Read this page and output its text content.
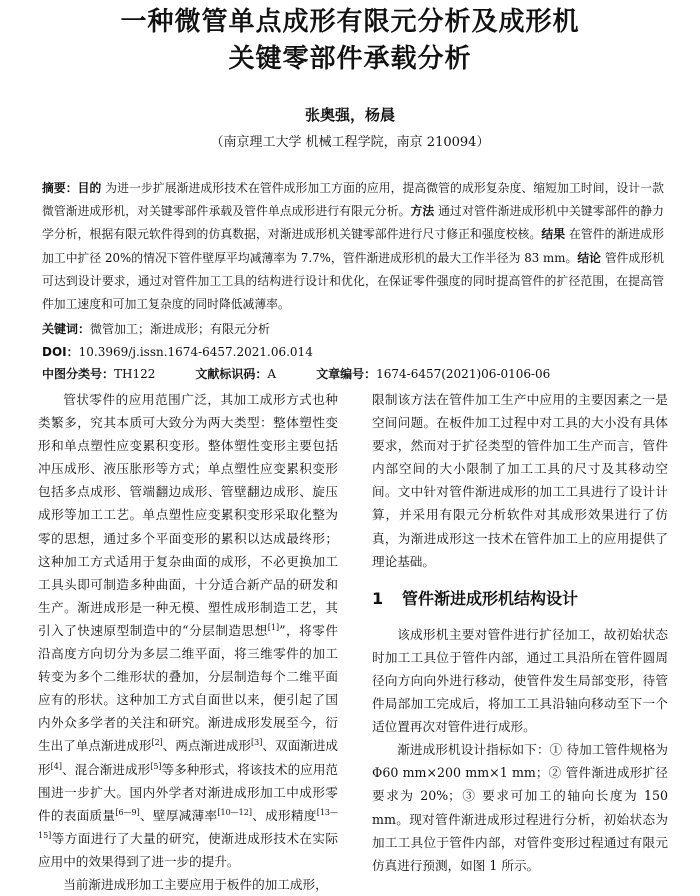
一种微管单点成形有限元分析及成形机
关键零部件承载分析
张奥强，杨晨
（南京理工大学 机械工程学院，南京 210094）
摘要：目的 为进一步扩展渐进成形技术在管件成形加工方面的应用，提高微管的成形复杂度、缩短加工时间，设计一款微管渐进成形机，对关键零部件承载及管件单点成形进行有限元分析。方法 通过对管件渐进成形机中关键零部件的静力学分析，根据有限元软件得到的仿真数据，对渐进成形机关键零部件进行尺寸修正和强度校核。结果 在管件的渐进成形加工中扩径 20%的情况下管件壁厚平均减薄率为 7.7%，管件渐进成形机的最大工作半径为 83 mm。结论 管件成形机可达到设计要求，通过对管件加工工具的结构进行设计和优化，在保证零件强度的同时提高管件的扩径范围，在提高管件加工速度和可加工复杂度的同时降低减薄率。
关键词：微管加工；渐进成形；有限元分析
DOI：10.3969/j.issn.1674-6457.2021.06.014
中图分类号：TH122	文献标识码：A	文章编号：1674-6457(2021)06-0106-06

管状零件的应用范围广泛，其加工成形方式也种类繁多，究其本质可大致分为两大类型：整体塑性变形和单点塑性应变累积变形。整体塑性变形主要包括冲压成形、液压胀形等方式；单点塑性应变累积变形包括多点成形、管端翻边成形、管壁翻边成形、旋压成形等加工工艺。单点塑性应变累积变形采取化整为零的思想，通过多个平面变形的累积以达成最终形；这种加工方式适用于复杂曲面的成形，不必更换加工工具头即可制造多种曲面，十分适合新产品的研发和生产。渐进成形是一种无模、塑性成形制造工艺，其引入了快速原型制造中的“分层制造思想[1]”，将零件沿高度方向切分为多层二维平面，将三维零件的加工转变为多个二维形状的叠加，分层制造每个二维平面应有的形状。这种加工方式自面世以来，便引起了国内外众多学者的关注和研究。渐进成形发展至今，衍生出了单点渐进成形[2]、两点渐进成形[3]、双面渐进成形[4]、混合渐进成形[5]等多种形式，将该技术的应用范围进一步扩大。国内外学者对渐进成形加工中成形零件的表面质量[6—9]、壁厚减薄率[10—12]、成形精度[13—15]等方面进行了大量的研究，使渐进成形技术在实际应用中的效果得到了进一步的提升。

当前渐进成形加工主要应用于板件的加工成形，

限制该方法在管件加工生产中应用的主要因素之一是空间问题。在板件加工过程中对工具的大小没有具体要求，然而对于扩径类型的管件加工生产而言，管件内部空间的大小限制了加工工具的尺寸及其移动空间。文中针对管件渐进成形的加工工具进行了设计计算，并采用有限元分析软件对其成形效果进行了仿真，为渐进成形这一技术在管件加工上的应用提供了理论基础。

1 管件渐进成形机结构设计

该成形机主要对管件进行扩径加工，故初始状态时加工工具位于管件内部，通过工具沿所在管件圆周径向方向向外进行移动，使管件发生局部变形，待管件局部加工完成后，将加工工具沿轴向移动至下一个适位置再次对管件进行成形。

渐进成形机设计指标如下：① 待加工管件规格为 Φ60 mm×200 mm×1 mm；② 管件渐进成形扩径要求为 20%；③ 要求可加工的轴向长度为 150 mm。现对管件渐进成形过程进行分析，初始状态为加工工具位于管件内部，对管件变形过程通过有限元仿真进行预测，如图 1 所示。
